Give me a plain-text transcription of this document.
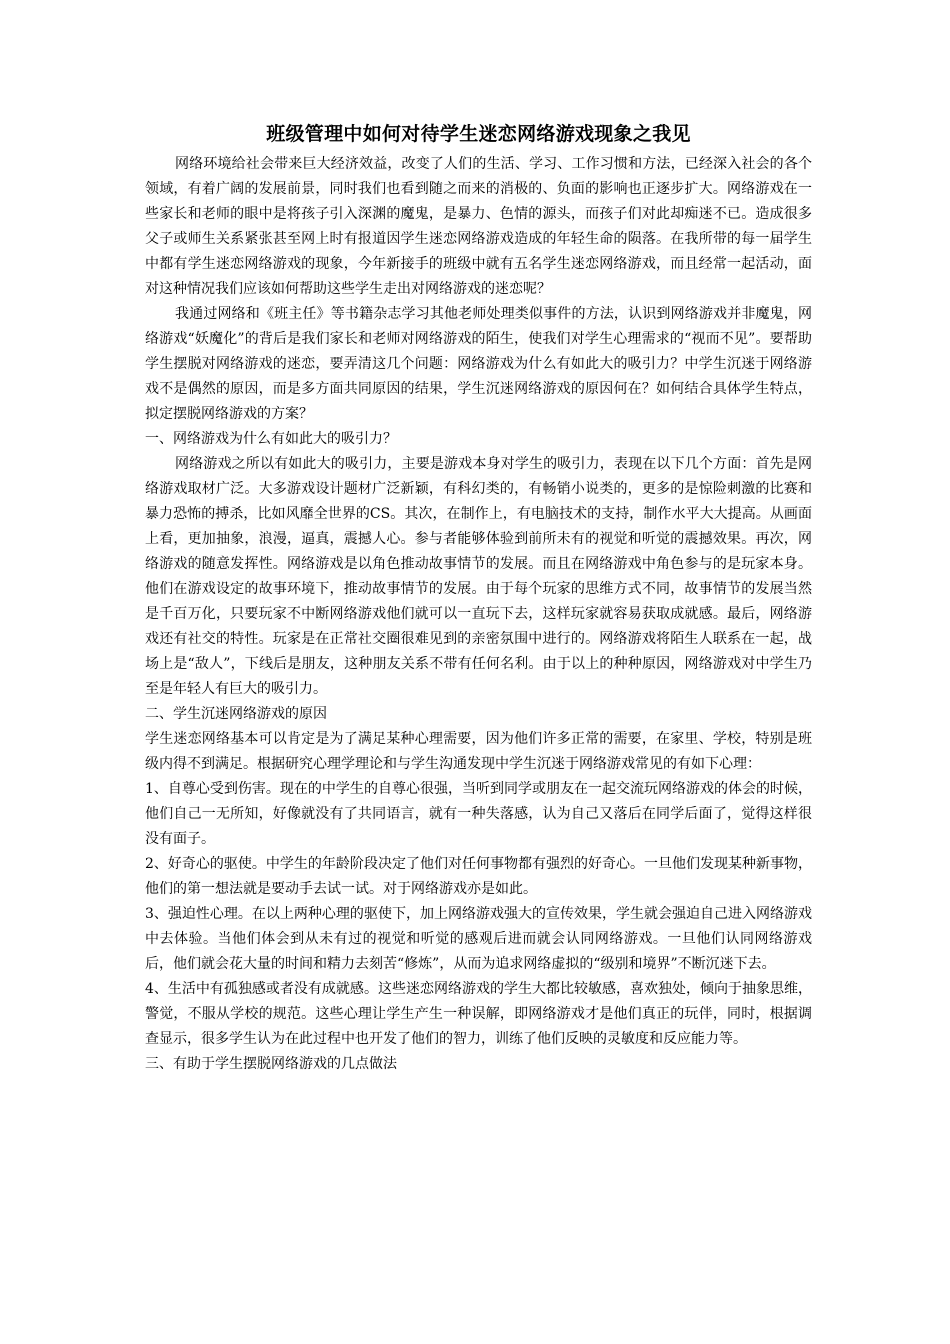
班级管理中如何对待学生迷恋网络游戏现象之我见

网络环境给社会带来巨大经济效益，改变了人们的生活、学习、工作习惯和方法，已经深入社会的各个领域，有着广阔的发展前景，同时我们也看到随之而来的消极的、负面的影响也正逐步扩大。网络游戏在一些家长和老师的眼中是将孩子引入深渊的魔鬼，是暴力、色情的源头，而孩子们对此却痴迷不已。造成很多父子或师生关系紧张甚至网上时有报道因学生迷恋网络游戏造成的年轻生命的陨落。在我所带的每一届学生中都有学生迷恋网络游戏的现象，今年新接手的班级中就有五名学生迷恋网络游戏，而且经常一起活动，面对这种情况我们应该如何帮助这些学生走出对网络游戏的迷恋呢？

我通过网络和《班主任》等书籍杂志学习其他老师处理类似事件的方法，认识到网络游戏并非魔鬼，网络游戏“妖魔化”的背后是我们家长和老师对网络游戏的陌生，使我们对学生心理需求的“视而不见”。要帮助学生摆脱对网络游戏的迷恋，要弄清这几个问题：网络游戏为什么有如此大的吸引力？中学生沉迷于网络游戏不是偶然的原因，而是多方面共同原因的结果，学生沉迷网络游戏的原因何在？如何结合具体学生特点，拟定摆脱网络游戏的方案？

一、网络游戏为什么有如此大的吸引力？

网络游戏之所以有如此大的吸引力，主要是游戏本身对学生的吸引力，表现在以下几个方面：首先是网络游戏取材广泛。大多游戏设计题材广泛新颖，有科幻类的，有畅销小说类的，更多的是惊险刺激的比赛和暴力恐怖的搏杀，比如风靡全世界的CS。其次，在制作上，有电脑技术的支持，制作水平大大提高。从画面上看，更加抽象，浪漫，逼真，震撼人心。参与者能够体验到前所未有的视觉和听觉的震撼效果。再次，网络游戏的随意发挥性。网络游戏是以角色推动故事情节的发展。而且在网络游戏中角色参与的是玩家本身。他们在游戏设定的故事环境下，推动故事情节的发展。由于每个玩家的思维方式不同，故事情节的发展当然是千百万化，只要玩家不中断网络游戏他们就可以一直玩下去，这样玩家就容易获取成就感。最后，网络游戏还有社交的特性。玩家是在正常社交圈很难见到的亲密氛围中进行的。网络游戏将陌生人联系在一起，战场上是“敌人”，下线后是朋友，这种朋友关系不带有任何名利。由于以上的种种原因，网络游戏对中学生乃至是年轻人有巨大的吸引力。

二、学生沉迷网络游戏的原因

学生迷恋网络基本可以肯定是为了满足某种心理需要，因为他们许多正常的需要，在家里、学校，特别是班级内得不到满足。根据研究心理学理论和与学生沟通发现中学生沉迷于网络游戏常见的有如下心理：

1、自尊心受到伤害。现在的中学生的自尊心很强，当听到同学或朋友在一起交流玩网络游戏的体会的时候，他们自己一无所知，好像就没有了共同语言，就有一种失落感，认为自己又落后在同学后面了，觉得这样很没有面子。

2、好奇心的驱使。中学生的年龄阶段决定了他们对任何事物都有强烈的好奇心。一旦他们发现某种新事物，他们的第一想法就是要动手去试一试。对于网络游戏亦是如此。

3、强迫性心理。在以上两种心理的驱使下，加上网络游戏强大的宣传效果，学生就会强迫自己进入网络游戏中去体验。当他们体会到从未有过的视觉和听觉的感观后进而就会认同网络游戏。一旦他们认同网络游戏后，他们就会花大量的时间和精力去刻苦“修炼”，从而为追求网络虚拟的“级别和境界”不断沉迷下去。

4、生活中有孤独感或者没有成就感。这些迷恋网络游戏的学生大都比较敏感，喜欢独处，倾向于抽象思维，警觉，不服从学校的规范。这些心理让学生产生一种误解，即网络游戏才是他们真正的玩伴，同时，根据调查显示，很多学生认为在此过程中也开发了他们的智力，训练了他们反映的灵敏度和反应能力等。

三、有助于学生摆脱网络游戏的几点做法
